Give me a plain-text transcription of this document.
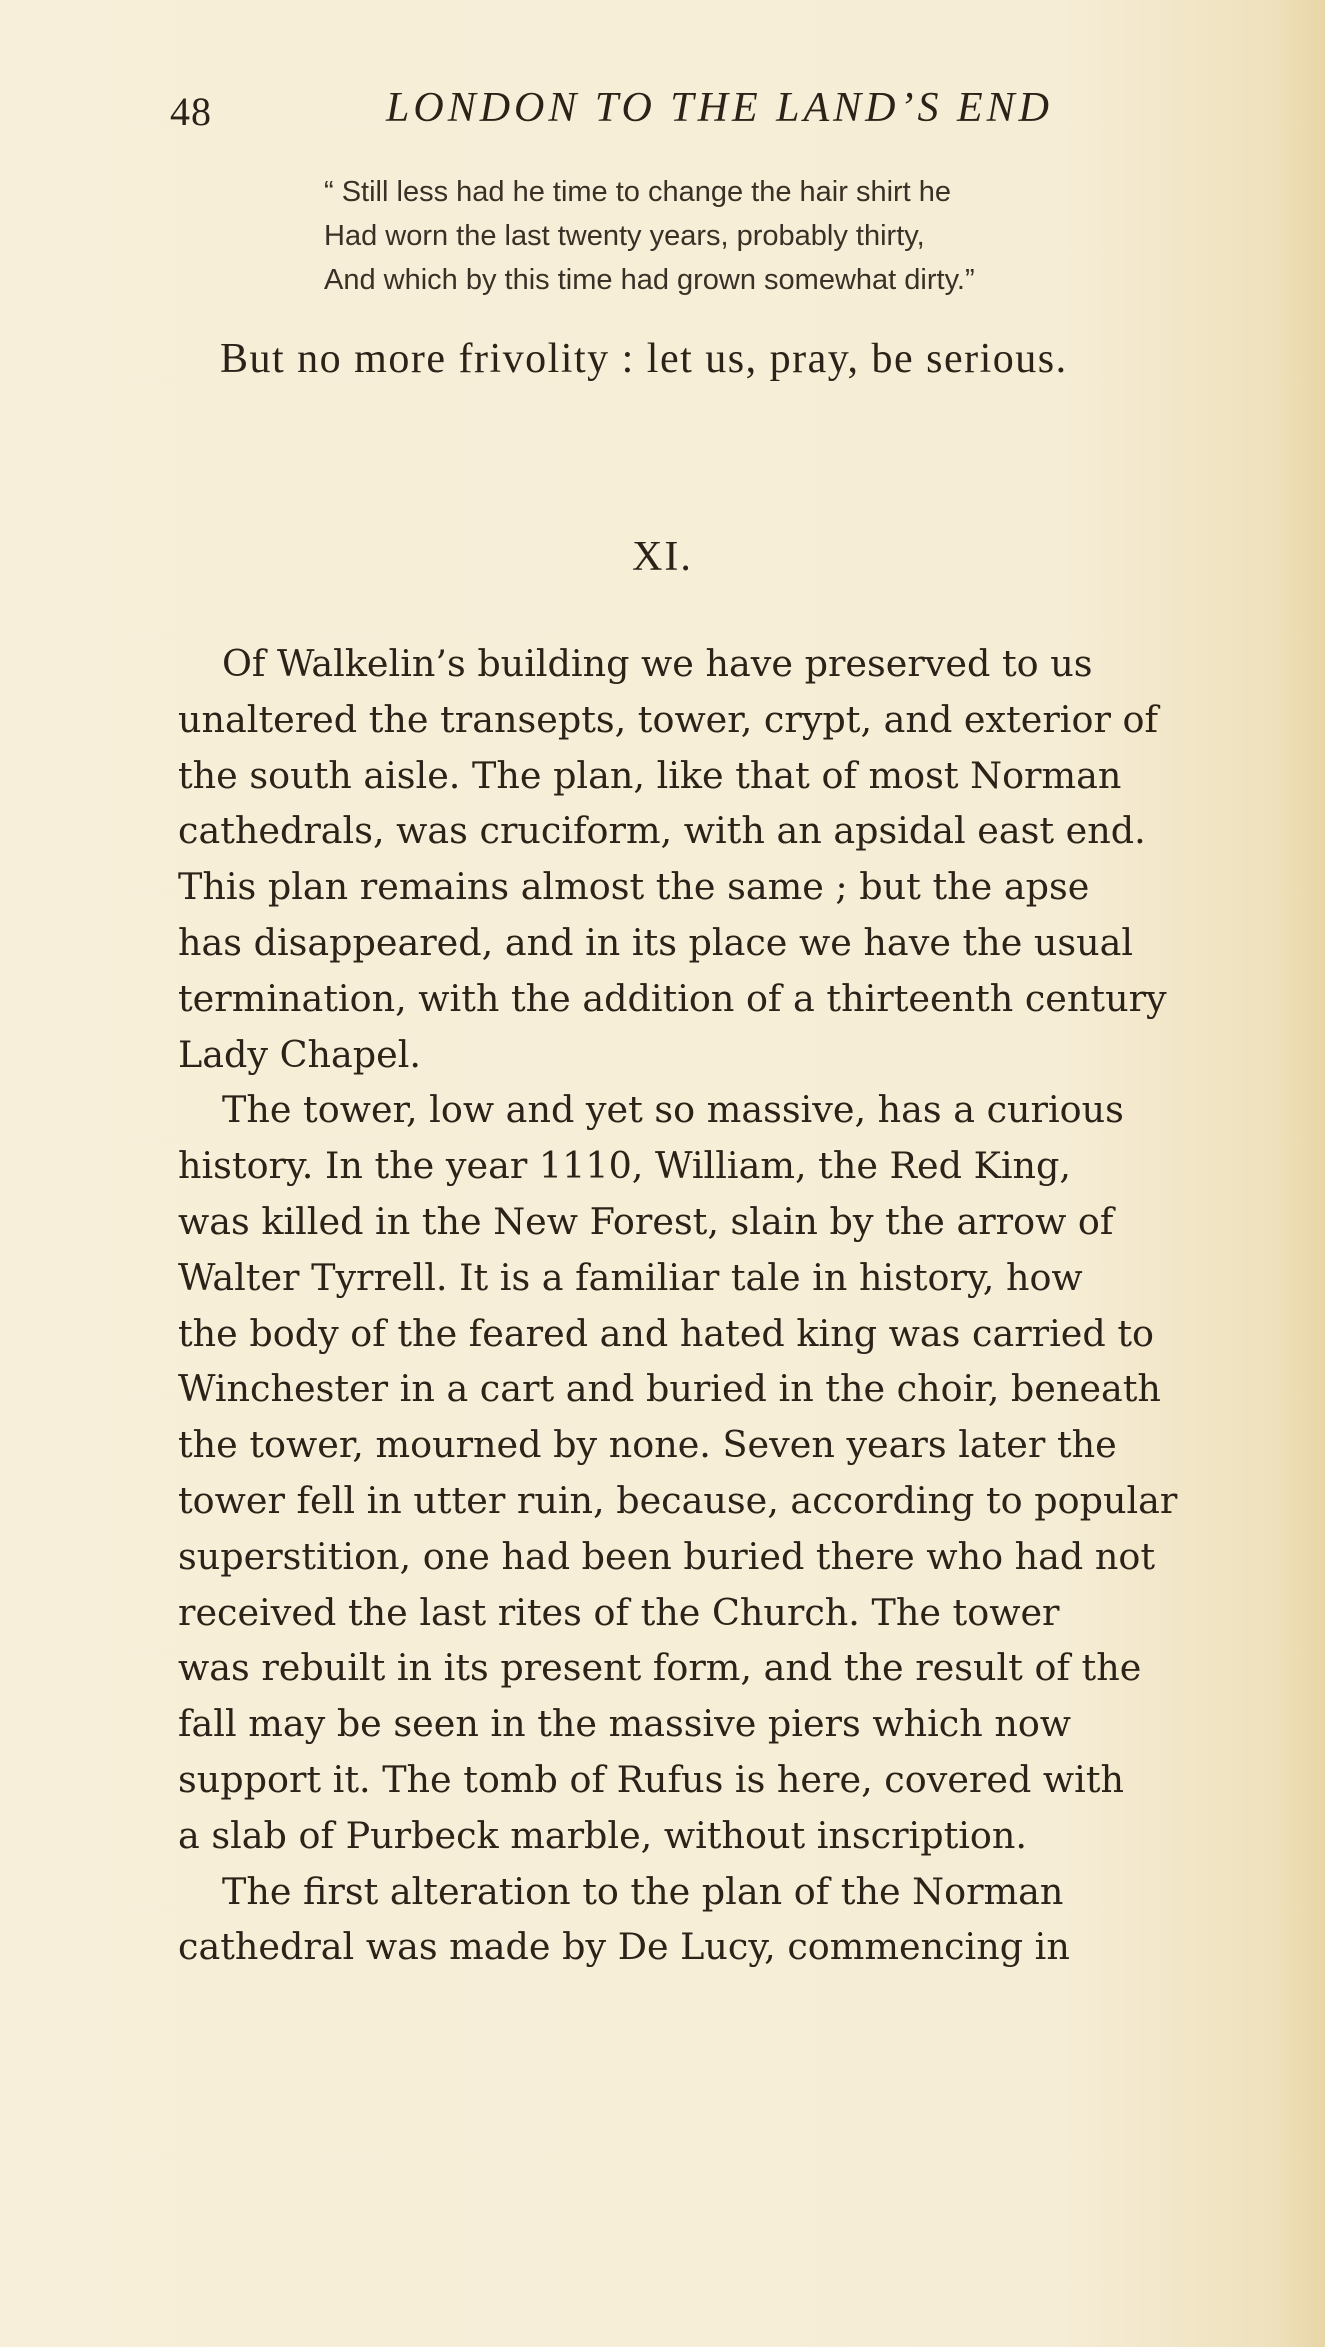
48	LONDON TO THE LAND’S END
“ Still less had he time to change the hair shirt he
Had worn the last twenty years, probably thirty,
And which by this time had grown somewhat dirty.”
But no more frivolity : let us, pray, be serious.
XI.
Of Walkelin’s building we have preserved to us
unaltered the transepts, tower, crypt, and exterior of
the south aisle. The plan, like that of most Norman
cathedrals, was cruciform, with an apsidal east end.
This plan remains almost the same ; but the apse
has disappeared, and in its place we have the usual
termination, with the addition of a thirteenth century
Lady Chapel.
The tower, low and yet so massive, has a curious
history. In the year 1110, William, the Red King,
was killed in the New Forest, slain by the arrow of
Walter Tyrrell. It is a familiar tale in history, how
the body of the feared and hated king was carried to
Winchester in a cart and buried in the choir, beneath
the tower, mourned by none. Seven years later the
tower fell in utter ruin, because, according to popular
superstition, one had been buried there who had not
received the last rites of the Church. The tower
was rebuilt in its present form, and the result of the
fall may be seen in the massive piers which now
support it. The tomb of Rufus is here, covered with
a slab of Purbeck marble, without inscription.
The first alteration to the plan of the Norman
cathedral was made by De Lucy, commencing in
